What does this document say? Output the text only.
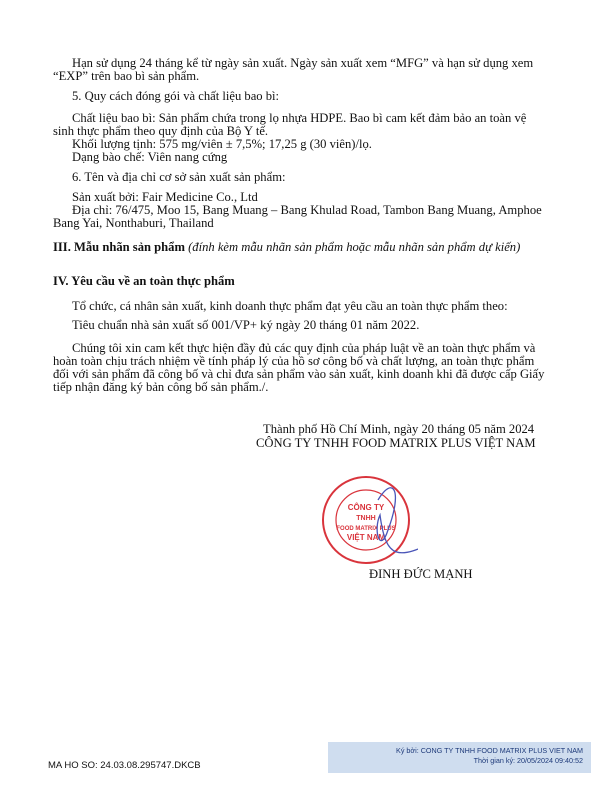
Hạn sử dụng 24 tháng kể từ ngày sản xuất. Ngày sản xuất xem “MFG” và hạn sử dụng xem
“EXP” trên bao bì sản phẩm.
5. Quy cách đóng gói và chất liệu bao bì:
Chất liệu bao bì: Sản phẩm chứa trong lọ nhựa HDPE. Bao bì cam kết đảm bảo an toàn vệ
sinh thực phẩm theo quy định của Bộ Y tế.
Khối lượng tịnh: 575 mg/viên ± 7,5%; 17,25 g (30 viên)/lọ.
Dạng bào chế: Viên nang cứng
6. Tên và địa chỉ cơ sở sản xuất sản phẩm:
Sản xuất bởi: Fair Medicine Co., Ltd
Địa chỉ: 76/475, Moo 15, Bang Muang – Bang Khulad Road, Tambon Bang Muang, Amphoe
Bang Yai, Nonthaburi, Thailand
III. Mẫu nhãn sản phẩm (đính kèm mẫu nhãn sản phẩm hoặc mẫu nhãn sản phẩm dự kiến)
IV. Yêu cầu về an toàn thực phẩm
Tổ chức, cá nhân sản xuất, kinh doanh thực phẩm đạt yêu cầu an toàn thực phẩm theo:
Tiêu chuẩn nhà sản xuất số 001/VP+ ký ngày 20 tháng 01 năm 2022.
Chúng tôi xin cam kết thực hiện đầy đủ các quy định của pháp luật về an toàn thực phẩm và
hoàn toàn chịu trách nhiệm về tính pháp lý của hồ sơ công bố và chất lượng, an toàn thực phẩm
đối với sản phẩm đã công bố và chỉ đưa sản phẩm vào sản xuất, kinh doanh khi đã được cấp Giấy
tiếp nhận đăng ký bản công bố sản phẩm./.
Thành phố Hồ Chí Minh, ngày 20 tháng 05 năm 2024
CÔNG TY TNHH FOOD MATRIX PLUS VIỆT NAM
CÔNG TY
TNHH
FOOD MATRIX PLUS
VIỆT NAM
ĐINH ĐỨC MẠNH
MA HO SO: 24.03.08.295747.DKCB
Ký bởi: CONG TY TNHH FOOD MATRIX PLUS VIET NAM
Thời gian ký: 20/05/2024 09:40:52
